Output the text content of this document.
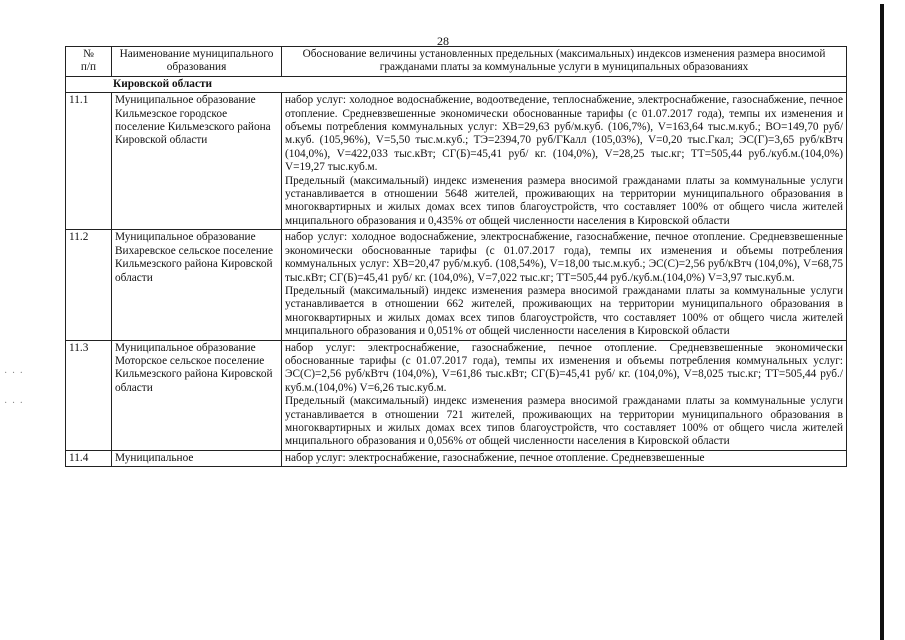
28
· · ·
· · ·
№
п/п	Наименование муниципального образования	Обоснование величины установленных предельных (максимальных) индексов изменения размера вносимой гражданами платы за коммунальные услуги в муниципальных образованиях
Кировской области		
11.1	Муниципальное образование Кильмезское городское поселение Кильмезского района Кировской области	набор услуг: холодное водоснабжение, водоотведение, теплоснабжение, электроснабжение, газоснабжение, печное отопление. Средневзвешенные экономически обоснованные тарифы (с 01.07.2017 года), темпы их изменения и объемы потребления коммунальных услуг: ХВ=29,63 руб/м.куб. (106,7%), V=163,64 тыс.м.куб.; ВО=149,70 руб/м.куб. (105,96%), V=5,50 тыс.м.куб.; ТЭ=2394,70 руб/ГКалл (105,03%), V=0,20 тыс.Гкал; ЭС(Г)=3,65 руб/кВтч (104,0%), V=422,033 тыс.кВт; СГ(Б)=45,41 руб/ кг. (104,0%), V=28,25 тыс.кг; ТТ=505,44 руб./куб.м.(104,0%) V=19,27 тыс.куб.м.
Предельный (максимальный) индекс изменения размера вносимой гражданами платы за коммунальные услуги устанавливается в отношении 5648 жителей, проживающих на территории муниципального образования в многоквартирных и жилых домах всех типов благоустройств, что составляет 100% от общего числа жителей мнципального образования и 0,435% от общей численности населения в Кировской области

11.2	Муниципальное образование Вихаревское сельское поселение Кильмезского района Кировской области	набор услуг: холодное водоснабжение, электроснабжение, газоснабжение, печное отопление. Средневзвешенные экономически обоснованные тарифы (с 01.07.2017 года), темпы их изменения и объемы потребления коммунальных услуг: ХВ=20,47 руб/м.куб. (108,54%), V=18,00 тыс.м.куб.; ЭС(С)=2,56 руб/кВтч (104,0%), V=68,75 тыс.кВт; СГ(Б)=45,41 руб/ кг. (104,0%), V=7,022 тыс.кг; ТТ=505,44 руб./куб.м.(104,0%) V=3,97 тыс.куб.м.
Предельный (максимальный) индекс изменения размера вносимой гражданами платы за коммунальные услуги устанавливается в отношении 662 жителей, проживающих на территории муниципального образования в многоквартирных и жилых домах всех типов благоустройств, что составляет 100% от общего числа жителей мнципального образования и 0,051% от общей численности населения в Кировской области

11.3	Муниципальное образование Моторское сельское поселение Кильмезского района Кировской области	набор услуг: электроснабжение, газоснабжение, печное отопление. Средневзвешенные экономически обоснованные тарифы (с 01.07.2017 года), темпы их изменения и объемы потребления коммунальных услуг: ЭС(С)=2,56 руб/кВтч (104,0%), V=61,86 тыс.кВт; СГ(Б)=45,41 руб/ кг. (104,0%), V=8,025 тыс.кг; ТТ=505,44 руб./куб.м.(104,0%) V=6,26 тыс.куб.м.
Предельный (максимальный) индекс изменения размера вносимой гражданами платы за коммунальные услуги устанавливается в отношении 721 жителей, проживающих на территории муниципального образования в многоквартирных и жилых домах всех типов благоустройств, что составляет 100% от общего числа жителей мнципального образования и 0,056% от общей численности населения в Кировской области

11.4	Муниципальное	набор услуг: электроснабжение, газоснабжение, печное отопление. Средневзвешенные
